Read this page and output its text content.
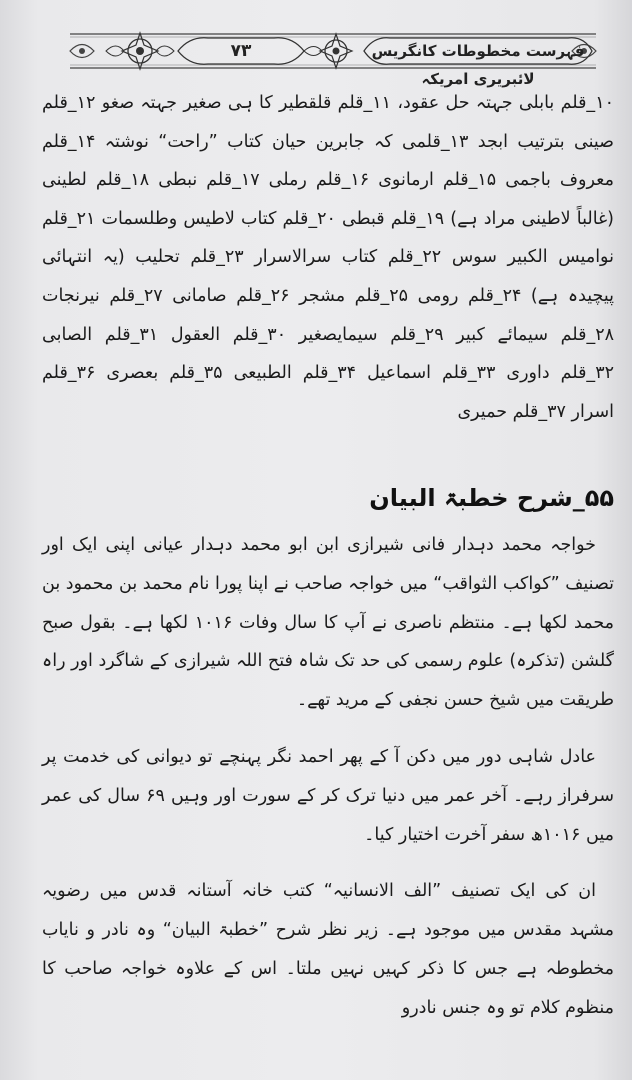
۷۳	فہرست مخطوطات کانگریس لائبریری امریکہ

۱۰_قلم بابلی جہتہ حل عقود، ۱۱_قلم قلقطیر کا ہی صغیر جہتہ صغو ۱۲_قلم صینی بترتیب ابجد ۱۳_قلمی کہ جابرین حیان کتاب ”راحت“ نوشتہ ۱۴_قلم معروف باجمی ۱۵_قلم ارمانوی ۱۶_قلم رملی ۱۷_قلم نبطی ۱۸_قلم لطینی (غالباً لاطینی مراد ہے) ۱۹_قلم قبطی ۲۰_قلم کتاب لاطیس وطلسمات ۲۱_قلم نوامیس الکبیر سوس ۲۲_قلم کتاب سرالاسرار ۲۳_قلم تحلیب (یہ انتہائی پیچیدہ ہے) ۲۴_قلم رومی ۲۵_قلم مشجر ۲۶_قلم صامانی ۲۷_قلم نیرنجات ۲۸_قلم سیمائے کبیر ۲۹_قلم سیمایصغیر ۳۰_قلم العقول ۳۱_قلم الصابی ۳۲_قلم داوری ۳۳_قلم اسماعیل ۳۴_قلم الطبیعی ۳۵_قلم بعصری ۳۶_قلم اسرار ۳۷_قلم حمیری

۵۵_شرح خطبۃ البیان

خواجہ محمد دہدار فانی شیرازی ابن ابو محمد دہدار عیانی اپنی ایک اور تصنیف ”کواکب الثواقب“ میں خواجہ صاحب نے اپنا پورا نام محمد بن محمود بن محمد لکھا ہے۔ منتظم ناصری نے آپ کا سال وفات ۱۰۱۶ لکھا ہے۔ بقول صبح گلشن (تذکرہ) علوم رسمی کی حد تک شاہ فتح اللہ شیرازی کے شاگرد اور راہ طریقت میں شیخ حسن نجفی کے مرید تھے۔

عادل شاہی دور میں دکن آ کے پھر احمد نگر پہنچے تو دیوانی کی خدمت پر سرفراز رہے۔ آخر عمر میں دنیا ترک کر کے سورت اور وہیں ۶۹ سال کی عمر میں ۱۰۱۶ھ سفر آخرت اختیار کیا۔

ان کی ایک تصنیف ”الف الانسانیہ“ کتب خانہ آستانہ قدس میں رضویہ مشہد مقدس میں موجود ہے۔ زیر نظر شرح ”خطبۃ البیان“ وہ نادر و نایاب مخطوطہ ہے جس کا ذکر کہیں نہیں ملتا۔ اس کے علاوہ خواجہ صاحب کا منظوم کلام تو وہ جنس نادرو
